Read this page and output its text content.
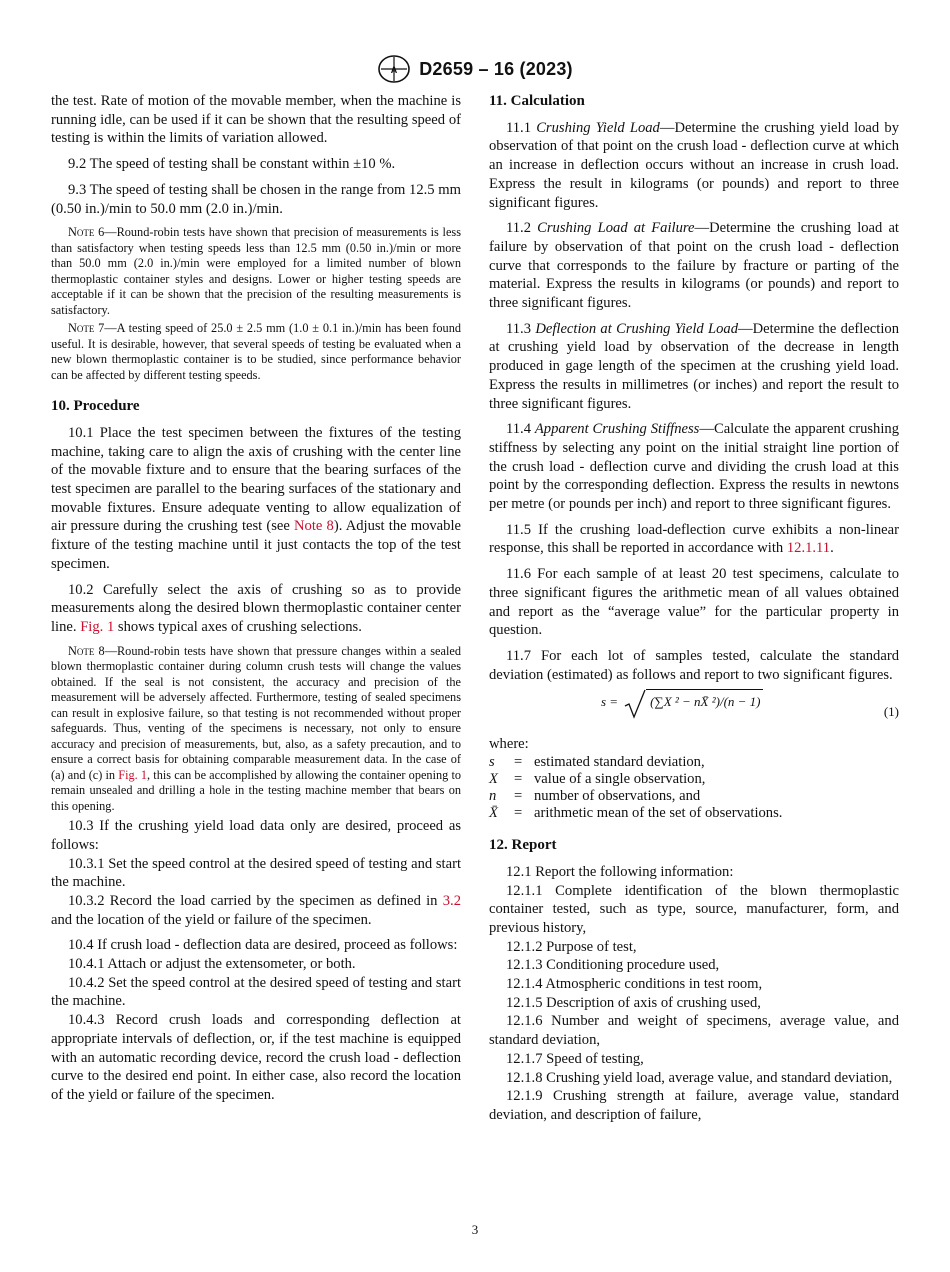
A D2659 – 16 (2023)

the test. Rate of motion of the movable member, when the machine is running idle, can be used if it can be shown that the resulting speed of testing is within the limits of variation allowed.

9.2 The speed of testing shall be constant within ±10 %.

9.3 The speed of testing shall be chosen in the range from 12.5 mm (0.50 in.)/min to 50.0 mm (2.0 in.)/min.

Note 6—Round-robin tests have shown that precision of measurements is less than satisfactory when testing speeds less than 12.5 mm (0.50 in.)/min or more than 50.0 mm (2.0 in.)/min were employed for a limited number of blown thermoplastic container styles and designs. Lower or higher testing speeds are acceptable if it can be shown that the precision of the resulting measurements is satisfactory.
Note 7—A testing speed of 25.0 ± 2.5 mm (1.0 ± 0.1 in.)/min has been found useful. It is desirable, however, that several speeds of testing be evaluated when a new blown thermoplastic container is to be studied, since performance behavior can be affected by different testing speeds.
10. Procedure

10.1 Place the test specimen between the fixtures of the testing machine, taking care to align the axis of crushing with the center line of the movable fixture and to ensure that the bearing surfaces of the test specimen are parallel to the bearing surfaces of the stationary and movable fixtures. Ensure adequate venting to allow equalization of air pressure during the crushing test (see Note 8). Adjust the movable fixture of the testing machine until it just contacts the top of the test specimen.

10.2 Carefully select the axis of crushing so as to provide measurements along the desired blown thermoplastic container center line. Fig. 1 shows typical axes of crushing selections.

Note 8—Round-robin tests have shown that pressure changes within a sealed blown thermoplastic container during column crush tests will change the values obtained. If the seal is not consistent, the accuracy and precision of the measurement will be adversely affected. Furthermore, testing of sealed specimens can result in explosive failure, so that testing is not recommended without proper safeguards. Thus, venting of the specimens is necessary, not only to ensure accuracy and precision of measurements, but, also, as a safety precaution, and to ensure a correct basis for obtaining comparable measurement data. In the case of (a) and (c) in Fig. 1, this can be accomplished by allowing the container opening to remain unsealed and drilling a hole in the testing machine member that bears on this opening.

10.3 If the crushing yield load data only are desired, proceed as follows:

10.3.1 Set the speed control at the desired speed of testing and start the machine.

10.3.2 Record the load carried by the specimen as defined in 3.2 and the location of the yield or failure of the specimen.

10.4 If crush load - deflection data are desired, proceed as follows:

10.4.1 Attach or adjust the extensometer, or both.

10.4.2 Set the speed control at the desired speed of testing and start the machine.

10.4.3 Record crush loads and corresponding deflection at appropriate intervals of deflection, or, if the test machine is equipped with an automatic recording device, record the crush load - deflection curve to the desired end point. In either case, also record the location of the yield or failure of the specimen.

11. Calculation

11.1 Crushing Yield Load—Determine the crushing yield load by observation of that point on the crush load - deflection curve at which an increase in deflection occurs without an increase in crush load. Express the result in kilograms (or pounds) and report to three significant figures.

11.2 Crushing Load at Failure—Determine the crushing load at failure by observation of that point on the crush load - deflection curve that corresponds to the failure by fracture or parting of the material. Express the results in kilograms (or pounds) and report to three significant figures.

11.3 Deflection at Crushing Yield Load—Determine the deflection at crushing yield load by observation of the decrease in length produced in gage length of the specimen at the crushing yield load. Express the results in millimetres (or inches) and report the result to three significant figures.

11.4 Apparent Crushing Stiffness—Calculate the apparent crushing stiffness by selecting any point on the initial straight line portion of the crush load - deflection curve and dividing the crush load at this point by the corresponding deflection. Express the results in newtons per metre (or pounds per inch) and report to three significant figures.

11.5 If the crushing load-deflection curve exhibits a non-linear response, this shall be reported in accordance with 12.1.11.

11.6 For each sample of at least 20 test specimens, calculate to three significant figures the arithmetic mean of all values obtained and report as the “average value” for the particular property in question.

11.7 For each lot of samples tested, calculate the standard deviation (estimated) as follows and report to two significant figures.

s =	(∑X ² − nX̄ ²)/(n − 1)
(1)

where:

s	= estimated standard deviation,
X	= value of a single observation,
n	= number of observations, and
X̄	= arithmetic mean of the set of observations.
12. Report

12.1 Report the following information:

12.1.1 Complete identification of the blown thermoplastic container tested, such as type, source, manufacturer, form, and previous history,

12.1.2 Purpose of test,

12.1.3 Conditioning procedure used,

12.1.4 Atmospheric conditions in test room,

12.1.5 Description of axis of crushing used,

12.1.6 Number and weight of specimens, average value, and standard deviation,

12.1.7 Speed of testing,

12.1.8 Crushing yield load, average value, and standard deviation,

12.1.9 Crushing strength at failure, average value, standard deviation, and description of failure,

3
